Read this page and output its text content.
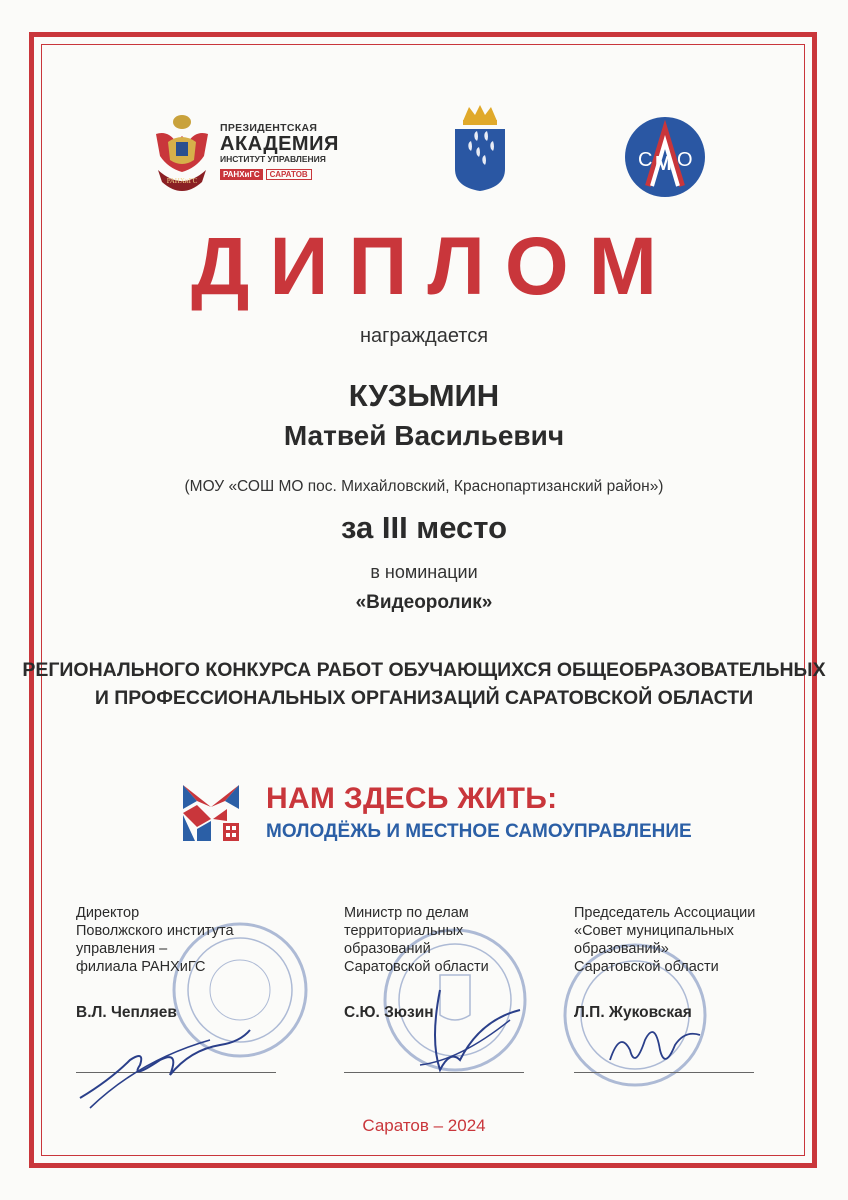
РАНХиГС
ПРЕЗИДЕНТСКАЯ
АКАДЕМИЯ
ИНСТИТУТ УПРАВЛЕНИЯ
РАНХиГС	САРАТОВ
С М О
ДИПЛОМ
награждается
КУЗЬМИН
Матвей Васильевич
(МОУ «СОШ МО пос. Михайловский, Краснопартизанский район»)
за III место
в номинации
«Видеоролик»
РЕГИОНАЛЬНОГО КОНКУРСА РАБОТ ОБУЧАЮЩИХСЯ ОБЩЕОБРАЗОВАТЕЛЬНЫХ
И ПРОФЕССИОНАЛЬНЫХ ОРГАНИЗАЦИЙ САРАТОВСКОЙ ОБЛАСТИ
НАМ ЗДЕСЬ ЖИТЬ:
МОЛОДЁЖЬ И МЕСТНОЕ САМОУПРАВЛЕНИЕ
Директор
Поволжского института
управления –
филиала РАНХиГС
В.Л. Чепляев
Министр по делам
территориальных
образований
Саратовской области
С.Ю. Зюзин
Председатель Ассоциации
«Совет муниципальных
образований»
Саратовской области
Л.П. Жуковская
Саратов – 2024
